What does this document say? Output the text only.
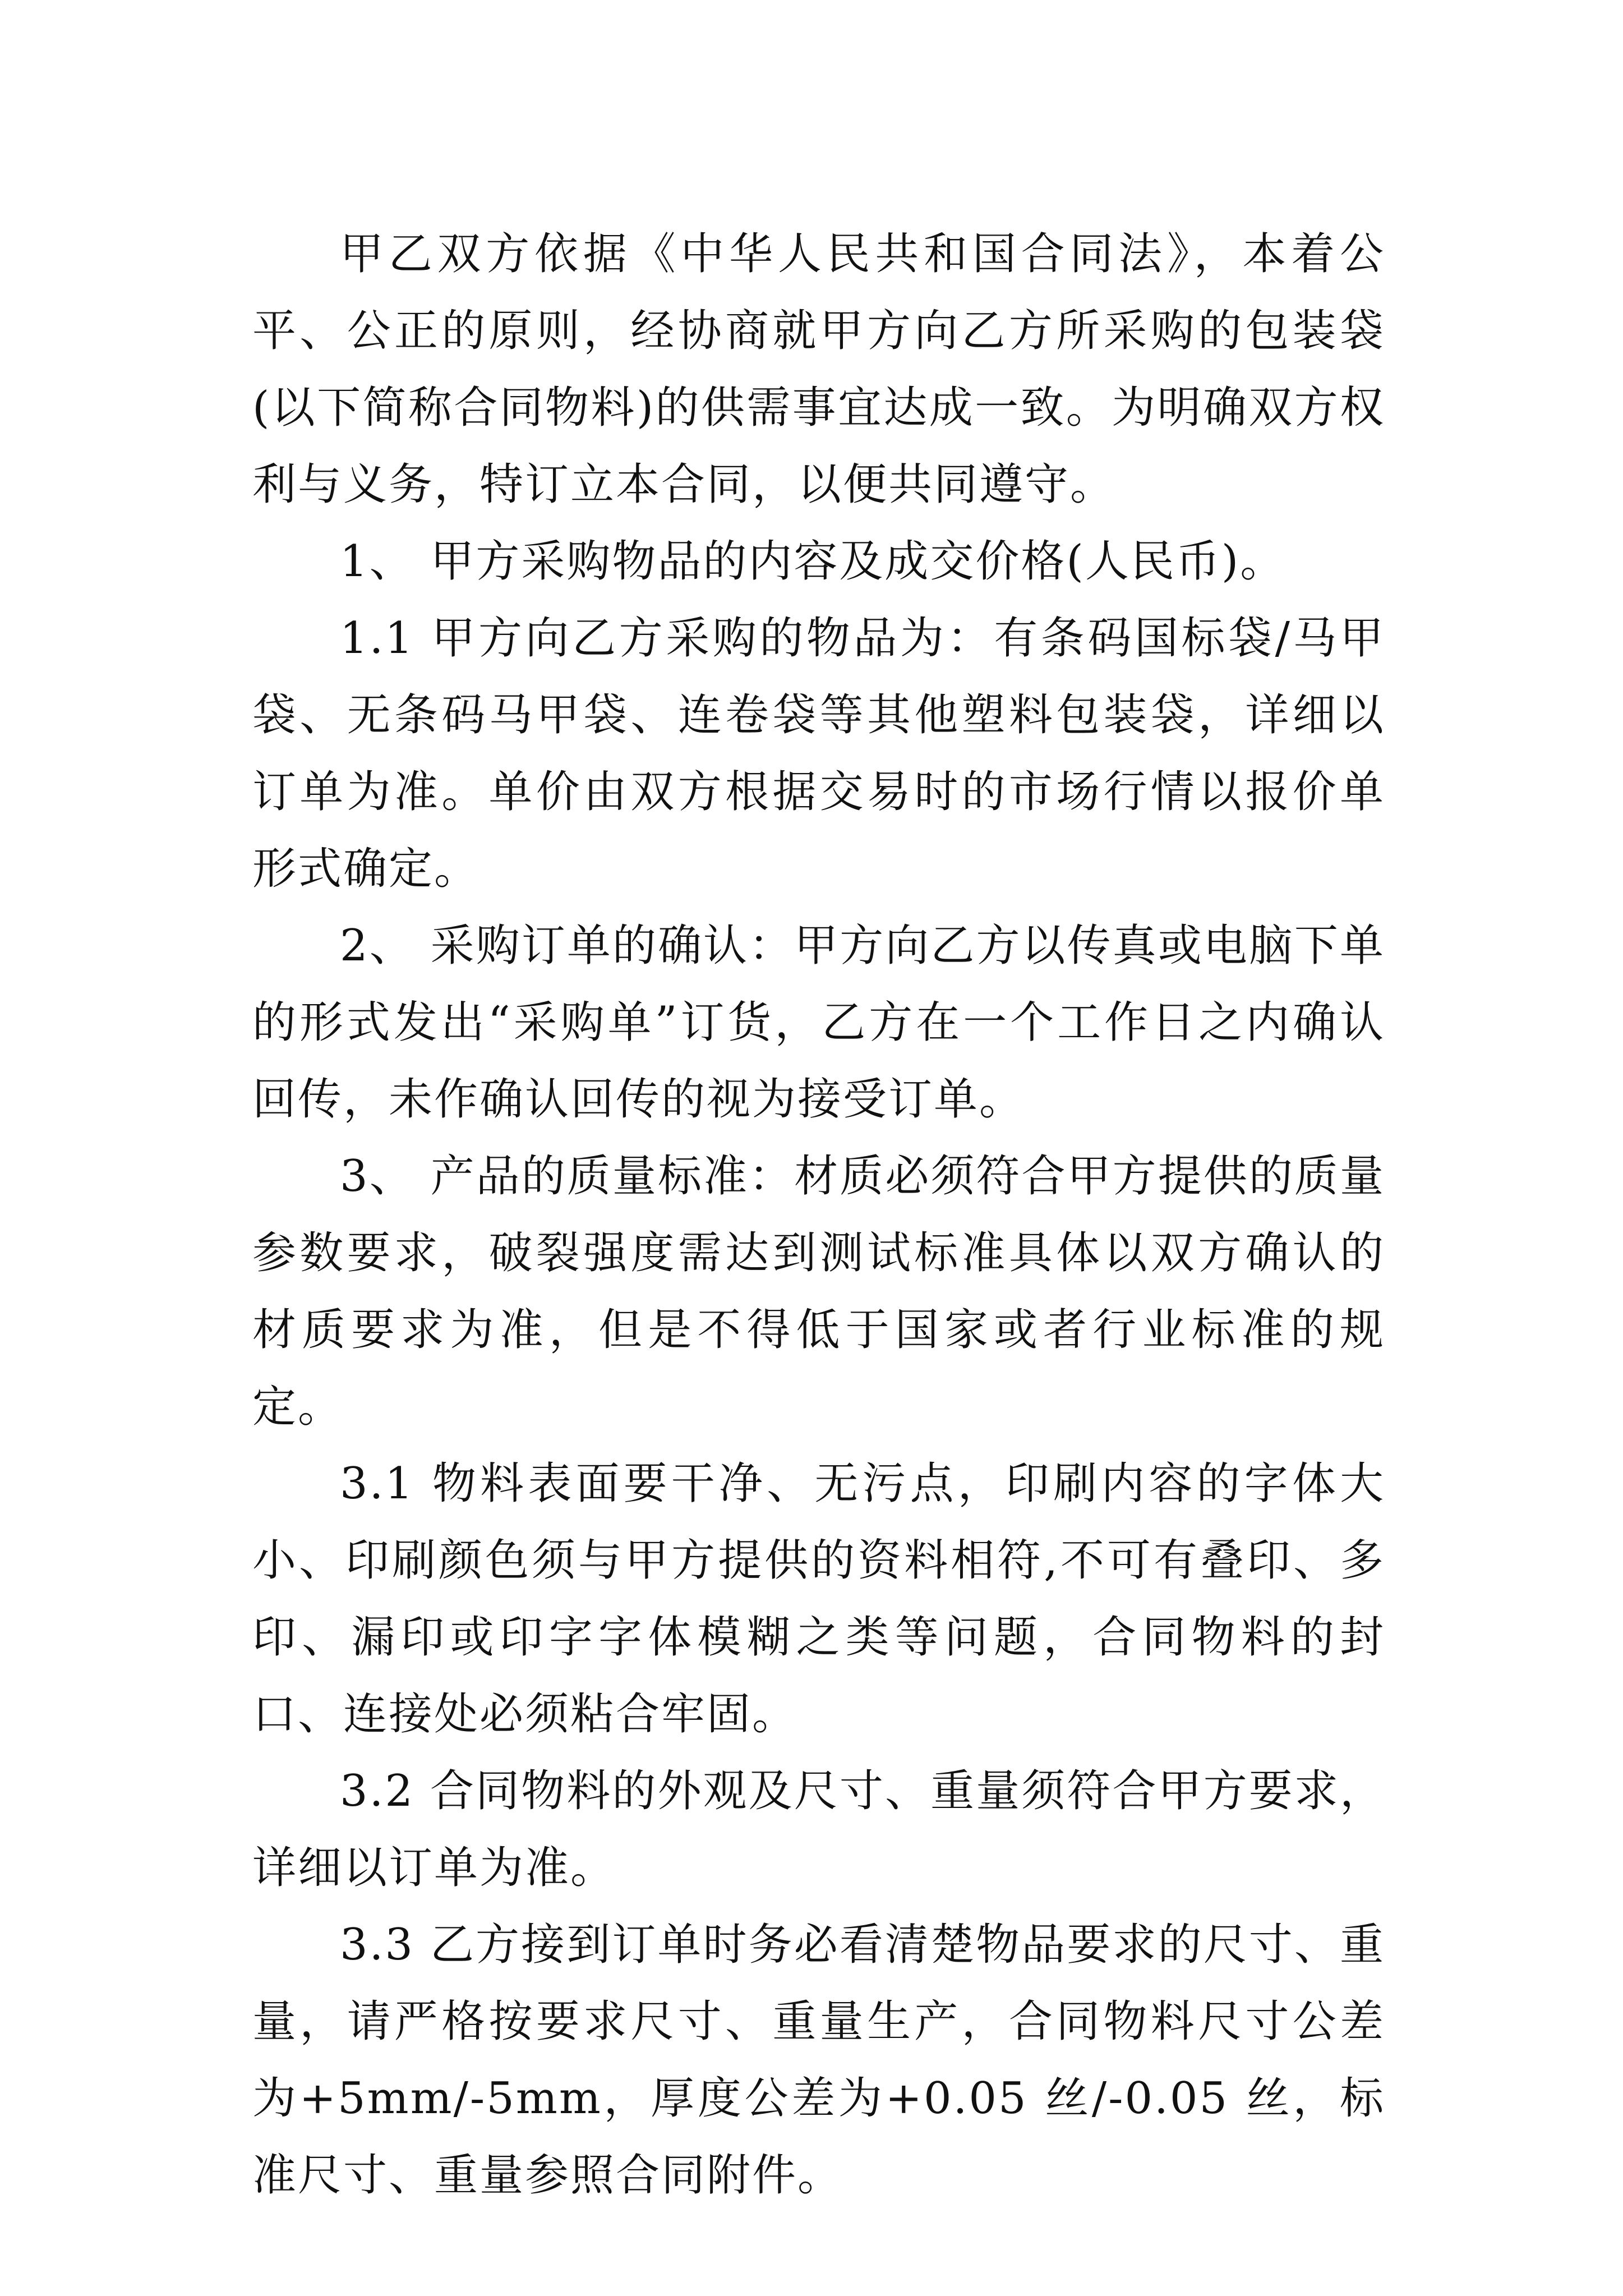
甲乙双方依据《中华人民共和国合同法》，本着公平、公正的原则，经协商就甲方向乙方所采购的包装袋(以下简称合同物料)的供需事宜达成一致。为明确双方权利与义务，特订立本合同，以便共同遵守。

1、 甲方采购物品的内容及成交价格(人民币)。

1.1 甲方向乙方采购的物品为：有条码国标袋/马甲袋、无条码马甲袋、连卷袋等其他塑料包装袋，详细以订单为准。单价由双方根据交易时的市场行情以报价单形式确定。

2、 采购订单的确认：甲方向乙方以传真或电脑下单的形式发出“采购单”订货，乙方在一个工作日之内确认回传，未作确认回传的视为接受订单。

3、 产品的质量标准：材质必须符合甲方提供的质量参数要求，破裂强度需达到测试标准具体以双方确认的材质要求为准，但是不得低于国家或者行业标准的规定。

3.1 物料表面要干净、无污点，印刷内容的字体大小、印刷颜色须与甲方提供的资料相符,不可有叠印、多印、漏印或印字字体模糊之类等问题，合同物料的封口、连接处必须粘合牢固。

3.2 合同物料的外观及尺寸、重量须符合甲方要求，详细以订单为准。

3.3 乙方接到订单时务必看清楚物品要求的尺寸、重量，请严格按要求尺寸、重量生产，合同物料尺寸公差为+5mm/-5mm，厚度公差为+0.05 丝/-0.05 丝，标准尺寸、重量参照合同附件。
